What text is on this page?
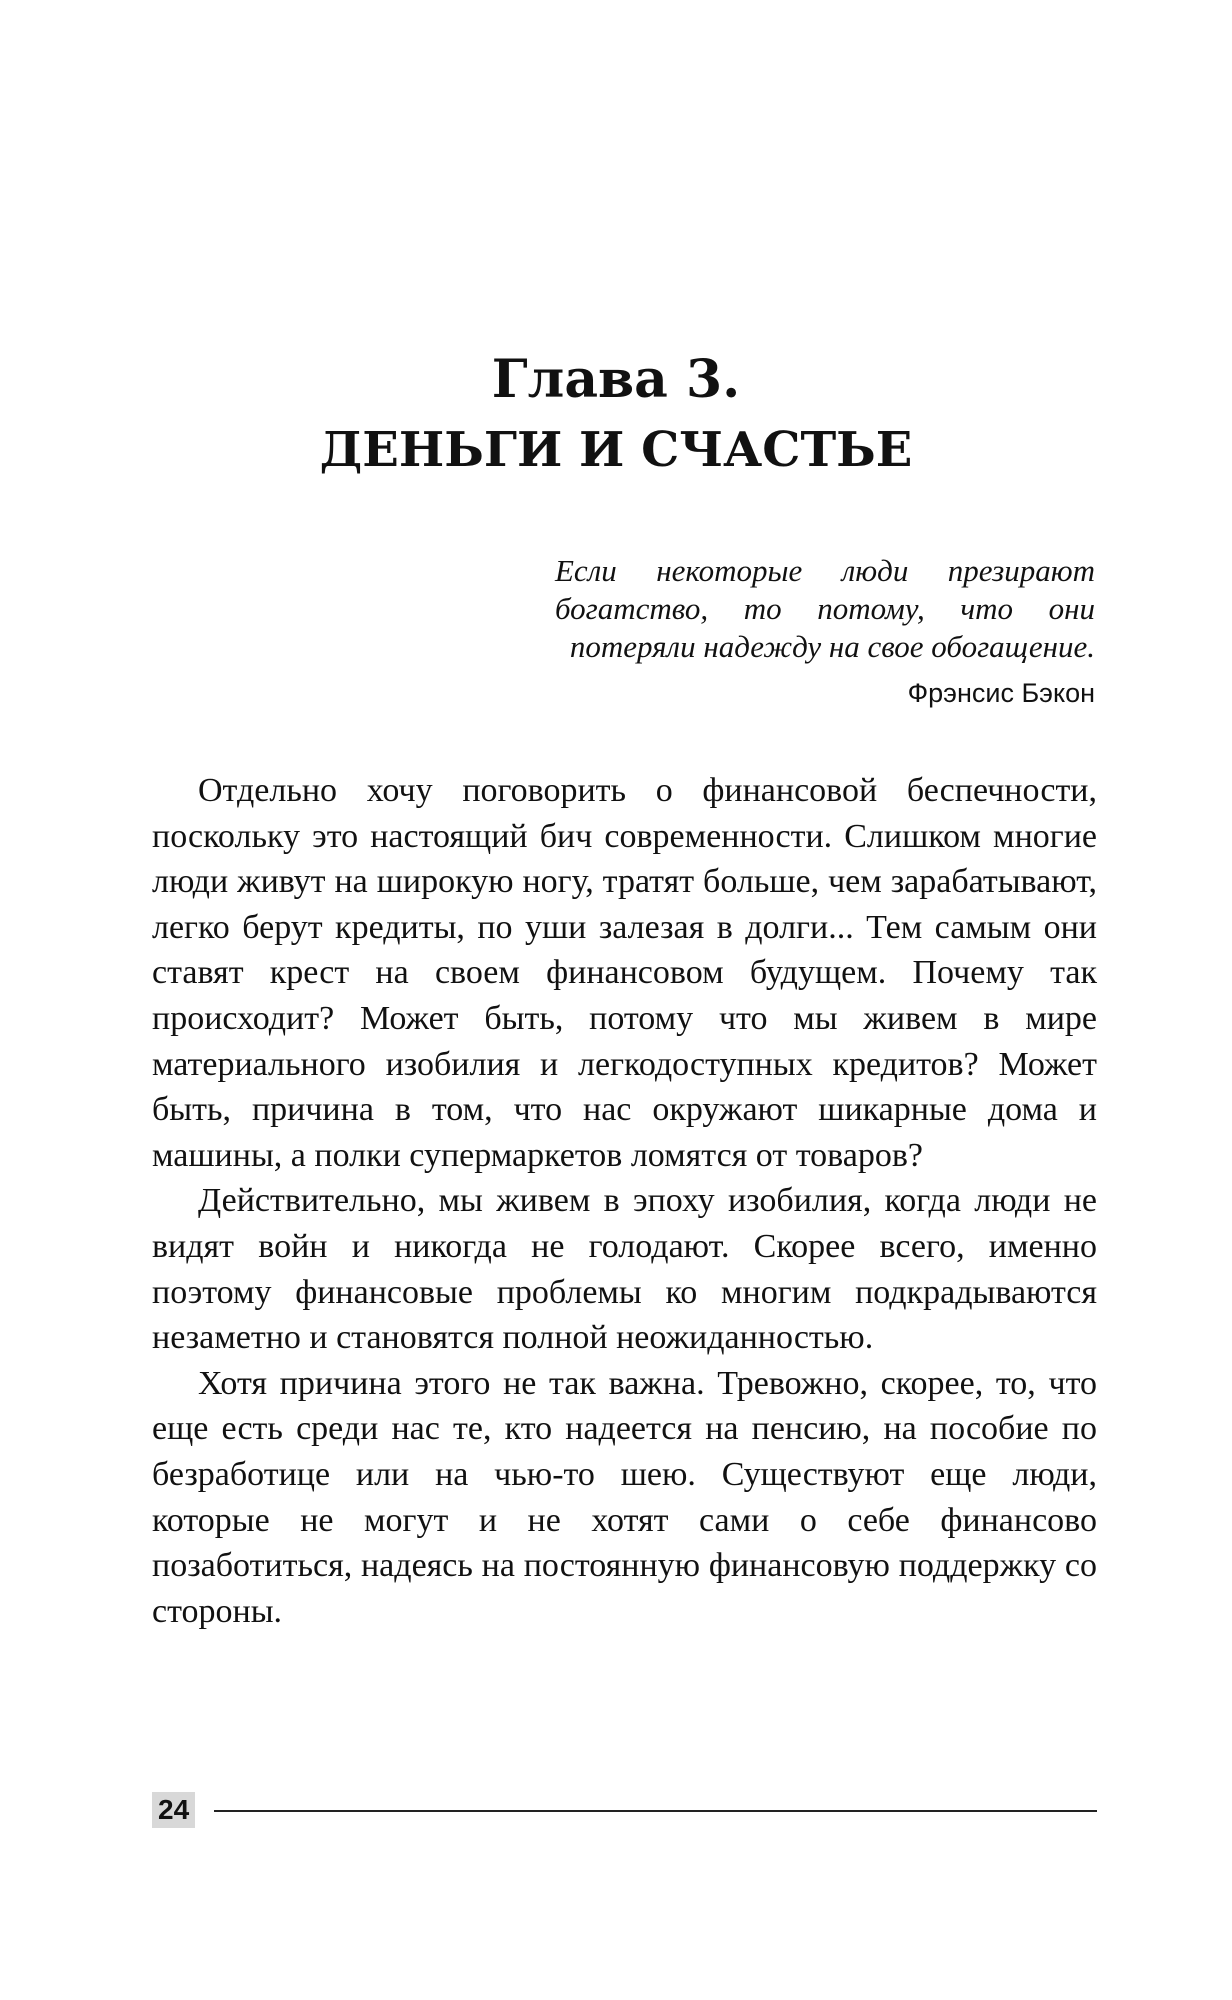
Глава 3.
ДЕНЬГИ И СЧАСТЬЕ

Если некоторые люди презирают богатство, то потому, что они потеряли надежду на свое обогащение.

Фрэнсис Бэкон

Отдельно хочу поговорить о финансовой беспечности, поскольку это настоящий бич современности. Слишком многие люди живут на широкую ногу, тратят больше, чем зарабатывают, легко берут кредиты, по уши залезая в долги... Тем самым они ставят крест на своем финансовом будущем. Почему так происходит? Может быть, потому что мы живем в мире материального изобилия и легкодоступных кредитов? Может быть, причина в том, что нас окружают шикарные дома и машины, а полки супермаркетов ломятся от товаров?

Действительно, мы живем в эпоху изобилия, когда люди не видят войн и никогда не голодают. Скорее всего, именно поэтому финансовые проблемы ко многим подкрадываются незаметно и становятся полной неожиданностью.

Хотя причина этого не так важна. Тревожно, скорее, то, что еще есть среди нас те, кто надеется на пенсию, на пособие по безработице или на чью-то шею. Существуют еще люди, которые не могут и не хотят сами о себе финансово позаботиться, надеясь на постоянную финансовую поддержку со стороны.

24
